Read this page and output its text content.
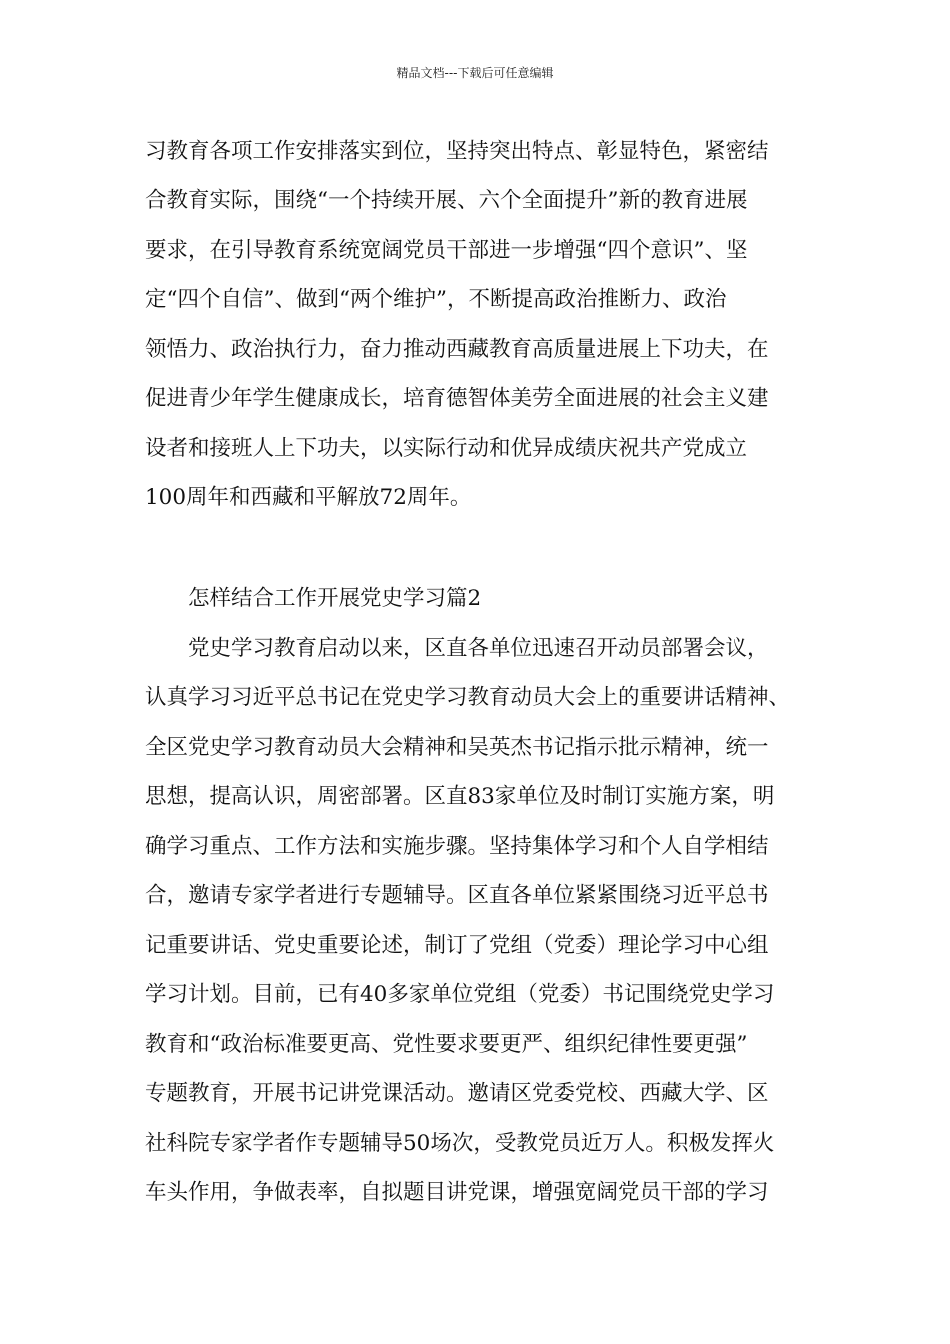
精品文档---下载后可任意编辑
习教育各项工作安排落实到位，坚持突出特点、彰显特色，紧密结
合教育实际，围绕“一个持续开展、六个全面提升”新的教育进展
要求，在引导教育系统宽阔党员干部进一步增强“四个意识”、坚
定“四个自信”、做到“两个维护”，不断提高政治推断力、政治
领悟力、政治执行力，奋力推动西藏教育高质量进展上下功夫，在
促进青少年学生健康成长，培育德智体美劳全面进展的社会主义建
设者和接班人上下功夫，以实际行动和优异成绩庆祝共产党成立
100周年和西藏和平解放72周年。
怎样结合工作开展党史学习篇2
党史学习教育启动以来，区直各单位迅速召开动员部署会议，
认真学习习近平总书记在党史学习教育动员大会上的重要讲话精神、
全区党史学习教育动员大会精神和吴英杰书记指示批示精神，统一
思想，提高认识，周密部署。区直83家单位及时制订实施方案，明
确学习重点、工作方法和实施步骤。坚持集体学习和个人自学相结
合，邀请专家学者进行专题辅导。区直各单位紧紧围绕习近平总书
记重要讲话、党史重要论述，制订了党组（党委）理论学习中心组
学习计划。目前，已有40多家单位党组（党委）书记围绕党史学习
教育和“政治标准要更高、党性要求要更严、组织纪律性要更强”
专题教育，开展书记讲党课活动。邀请区党委党校、西藏大学、区
社科院专家学者作专题辅导50场次，受教党员近万人。积极发挥火
车头作用，争做表率，自拟题目讲党课，增强宽阔党员干部的学习
